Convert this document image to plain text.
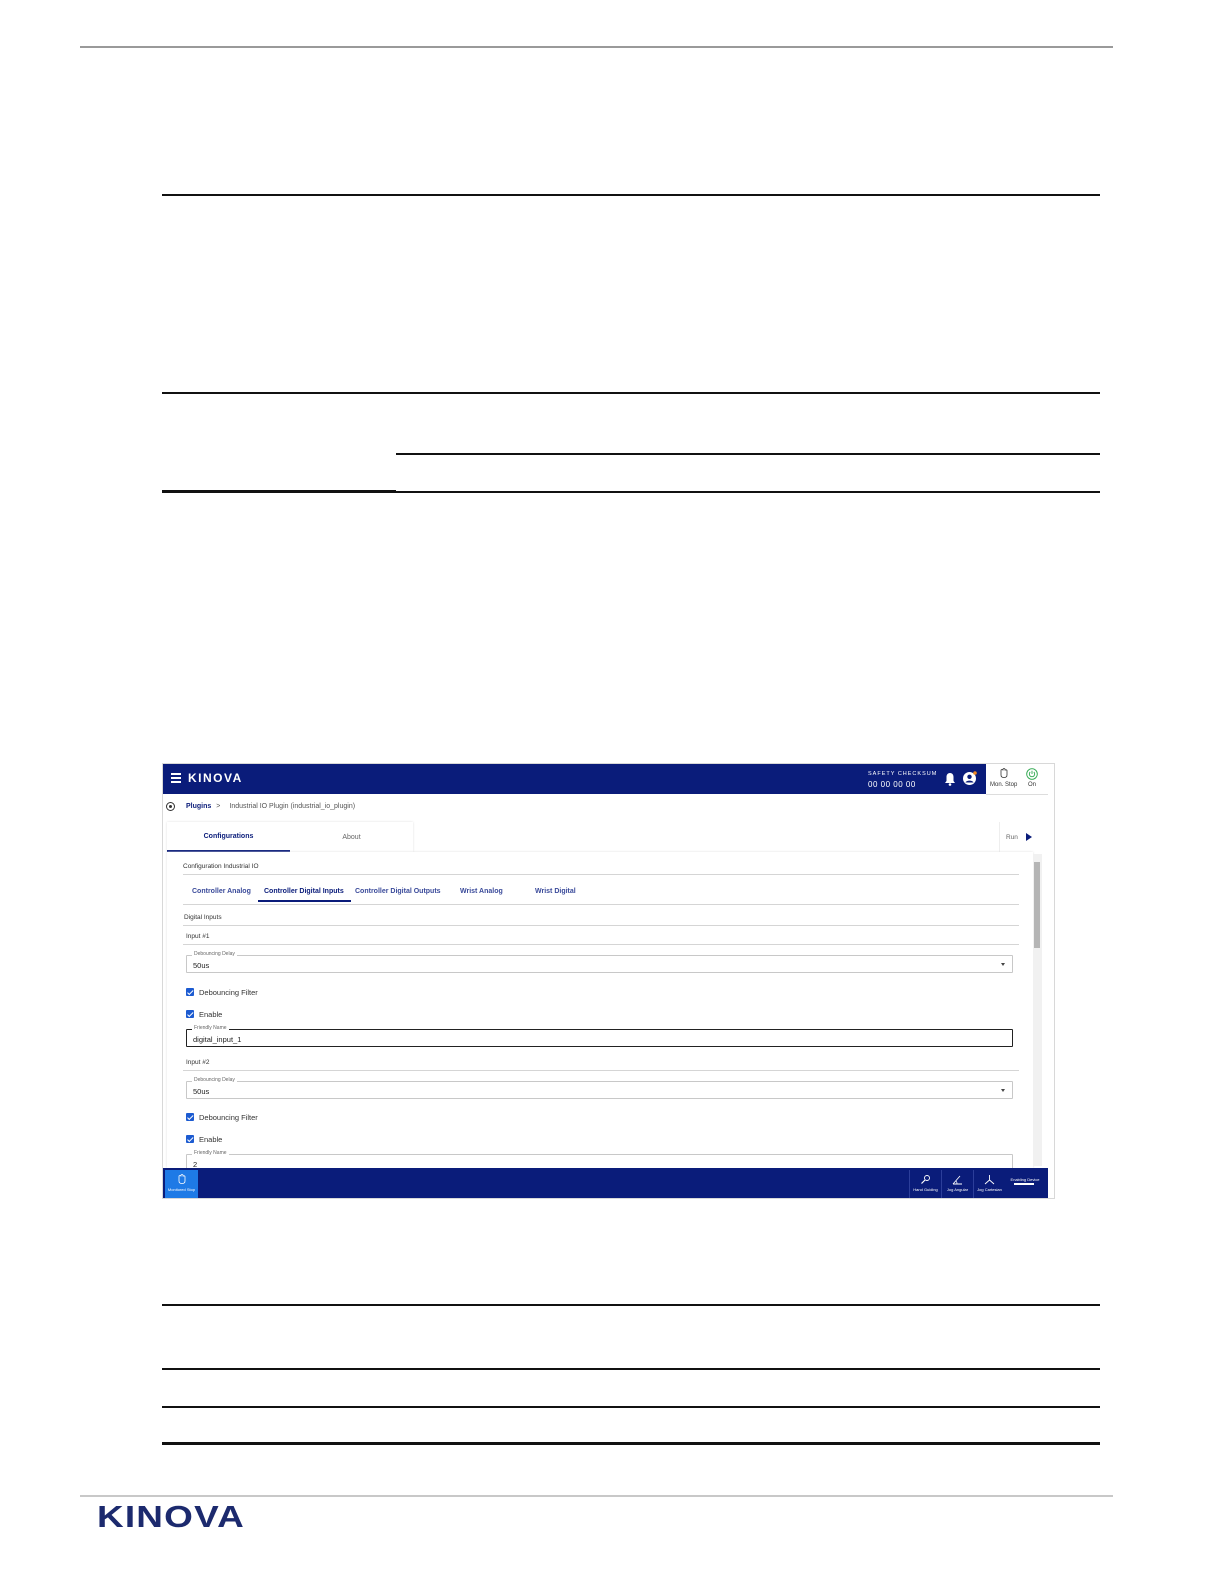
KINOVA	SAFETY CHECKSUM
00 00 00 00	Mon. Stop On
Plugins > Industrial IO Plugin (industrial_io_plugin)
Configurations	About	Run
Configuration Industrial IO
Controller Analog	Controller Digital Inputs	Controller Digital Outputs	Wrist Analog	Wrist Digital
Digital Inputs
Input #1
Debouncing Delay
50us
Debouncing Filter
Enable
Friendly Name
digital_input_1
Input #2
Debouncing Delay
50us
Debouncing Filter
Enable
Friendly Name
2
Monitored Stop	Hand Guiding	Jog Angular	Jog Cartesian
Enabling Device
KINOVA
